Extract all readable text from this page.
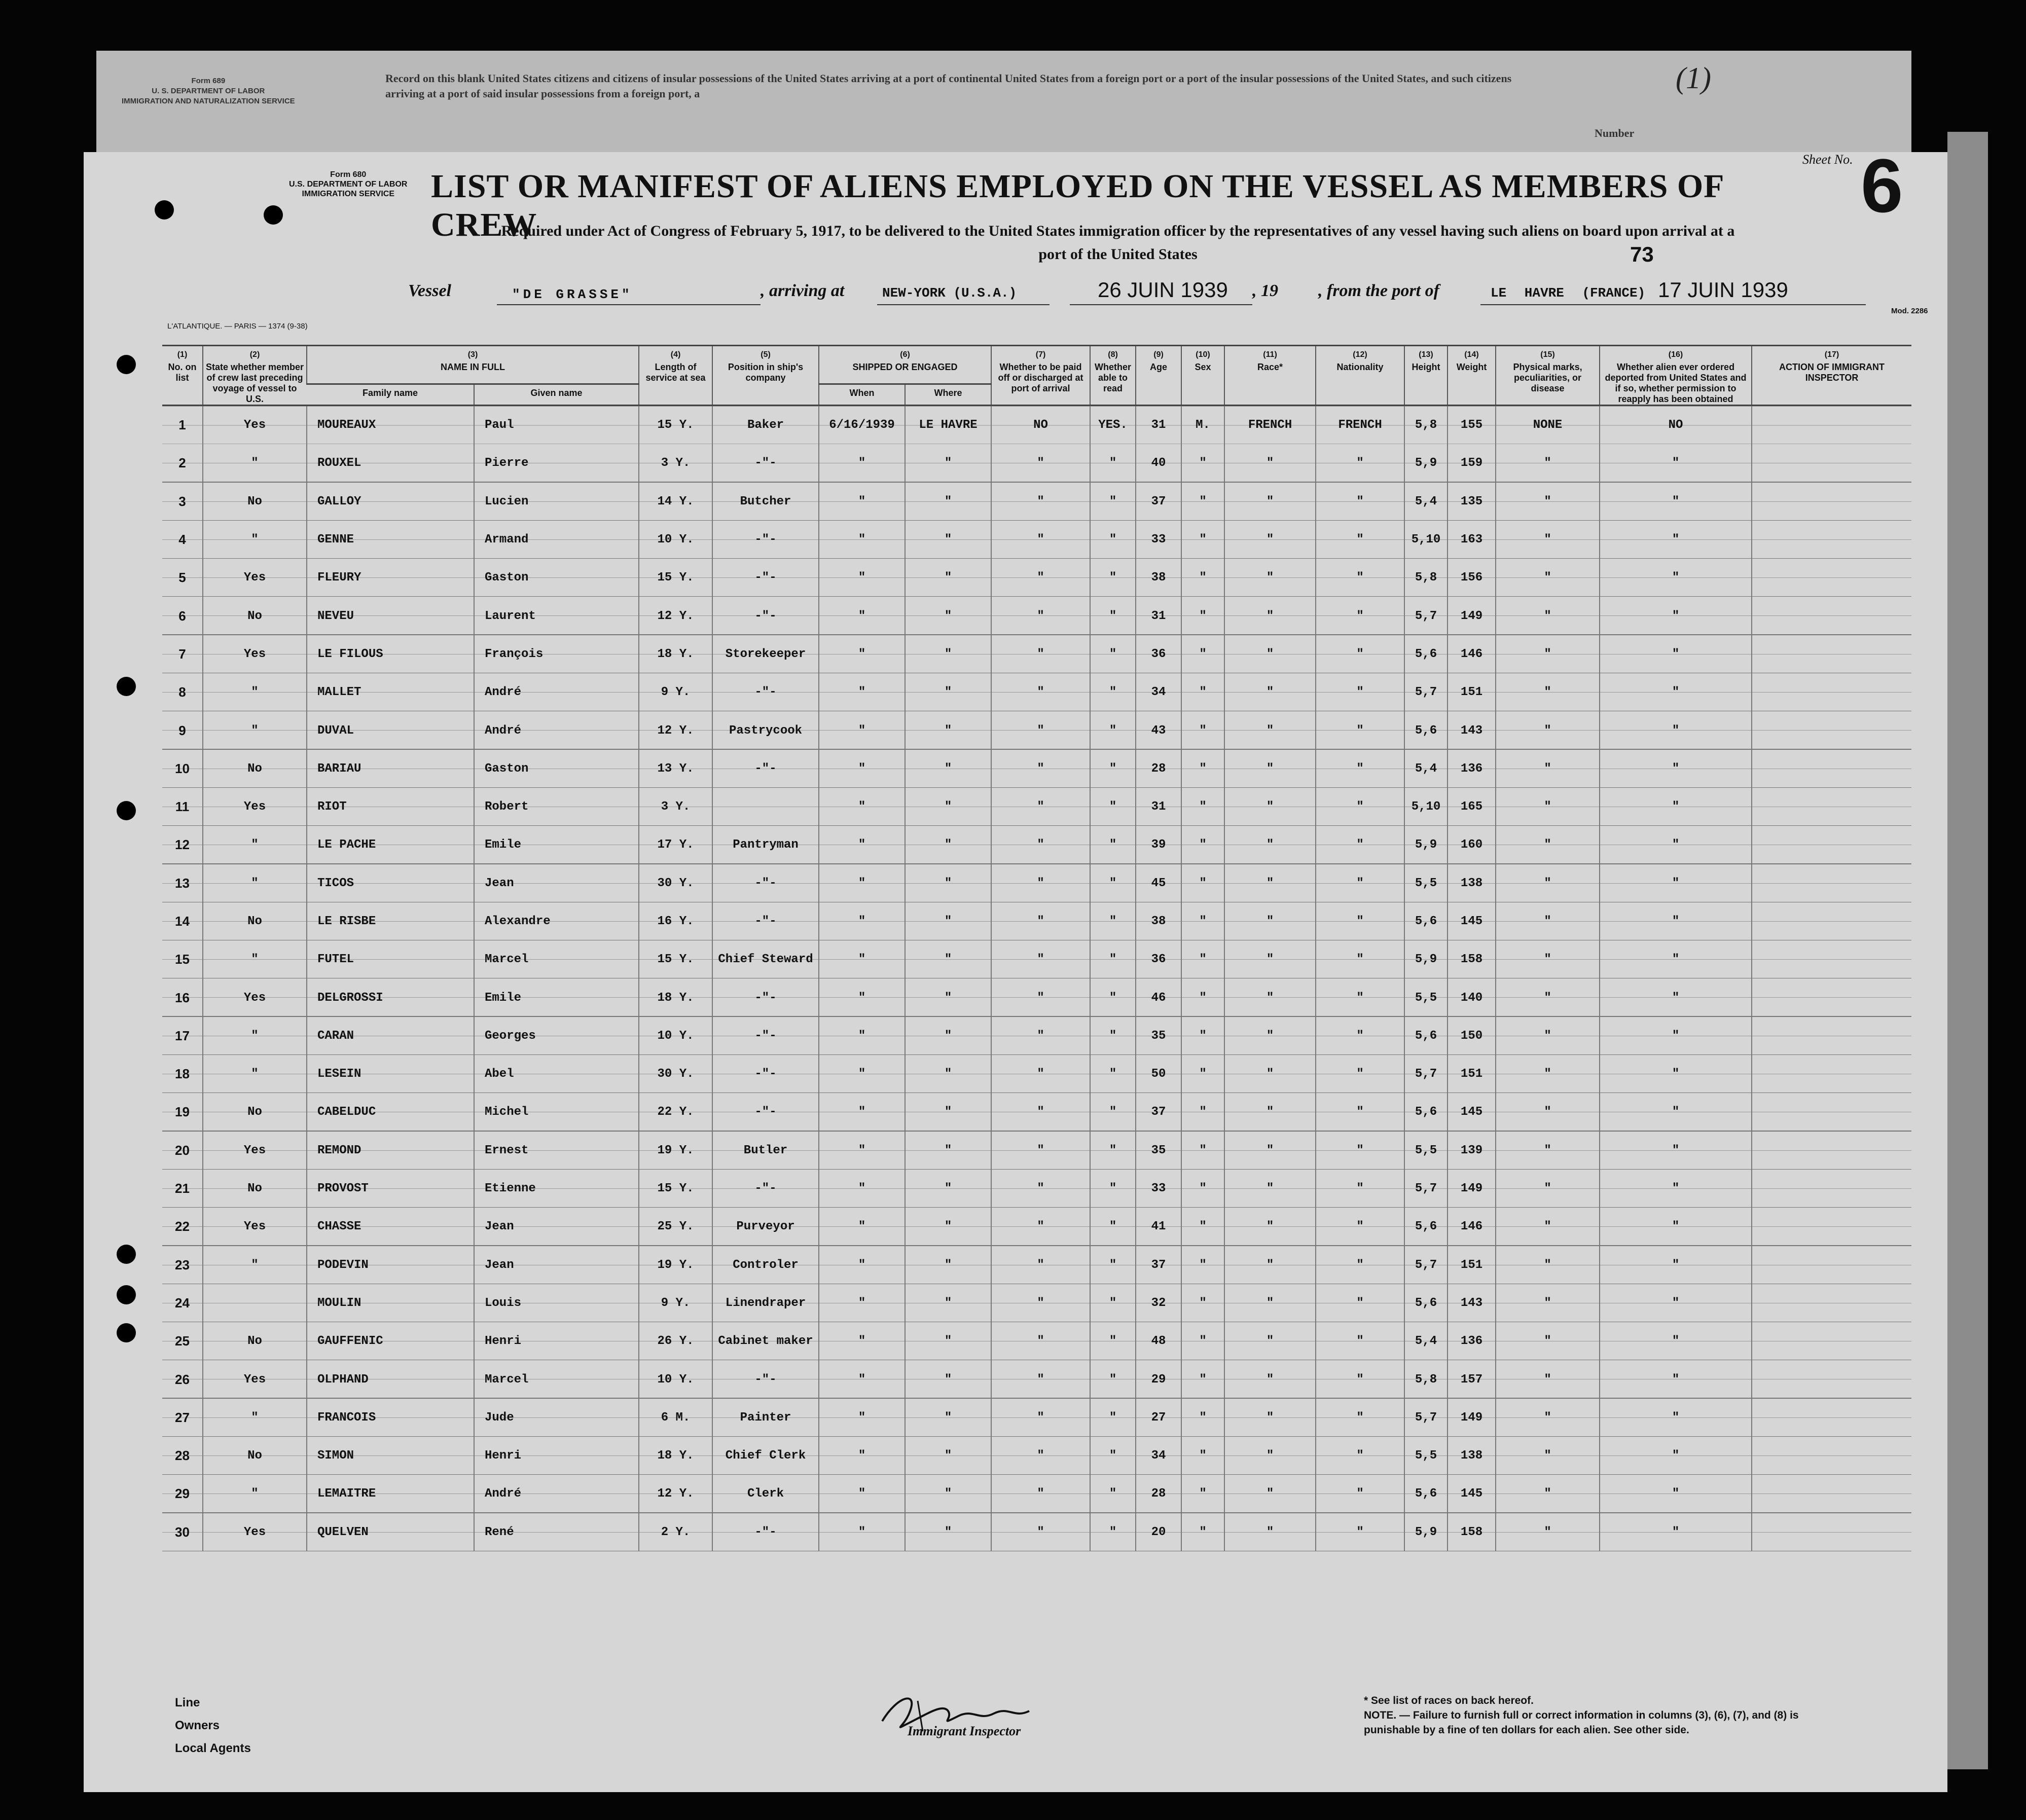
Form 689
U. S. DEPARTMENT OF LABOR
IMMIGRATION AND NATURALIZATION SERVICE
Record on this blank United States citizens and citizens of insular possessions of the United States arriving at a port of continental United States from a foreign port or a port of the insular possessions of the United States, and such citizens arriving at a port of said insular possessions from a foreign port, a
Number
(1)
Form 680
U.S. DEPARTMENT OF LABOR
IMMIGRATION SERVICE	LIST OR MANIFEST OF ALIENS EMPLOYED ON THE VESSEL AS MEMBERS OF CREW
Sheet No. 6
Required under Act of Congress of February 5, 1917, to be delivered to the United States immigration officer by the representatives of any vessel having such aliens on board upon arrival at a
port of the United States	73
Vessel	"DE GRASSE"	, arriving at	NEW-YORK (U.S.A.)	26 JUIN 1939 , 19 , from the port of	LE HAVRE (FRANCE) 17 JUIN 1939
L'ATLANTIQUE. — PARIS — 1374 (9-38)
Mod. 2286
(1)
No. on list	(2)
State whether member of crew last preceding voyage of vessel to U.S.	(3)
NAME IN FULL		(4)
Length of service at sea	(5)
Position in ship's company	(6)
SHIPPED OR ENGAGED		(7)
Whether to be paid off or discharged at port of arrival	(8)
Whether able to read	(9)
Age	(10)
Sex	(11)
Race*	(12)
Nationality	(13)
Height	(14)
Weight	(15)
Physical marks, peculiarities, or disease	(16)
Whether alien ever ordered deported from United States and if so, whether permission to reapply has been obtained	(17)
ACTION OF IMMIGRANT INSPECTOR
		Family name	Given name			When	Where											
1	Yes	MOUREAUX	Paul	15 Y.	Baker	6/16/1939	LE HAVRE	NO	YES.	31	M.	FRENCH	FRENCH	5,8	155	NONE	NO	
2	"	ROUXEL	Pierre	3 Y.	-"-	"	"	"	"	40	"	"	"	5,9	159	"	"	
3	No	GALLOY	Lucien	14 Y.	Butcher	"	"	"	"	37	"	"	"	5,4	135	"	"	
4	"	GENNE	Armand	10 Y.	-"-	"	"	"	"	33	"	"	"	5,10	163	"	"	
5	Yes	FLEURY	Gaston	15 Y.	-"-	"	"	"	"	38	"	"	"	5,8	156	"	"	
6	No	NEVEU	Laurent	12 Y.	-"-	"	"	"	"	31	"	"	"	5,7	149	"	"	
7	Yes	LE FILOUS	François	18 Y.	Storekeeper	"	"	"	"	36	"	"	"	5,6	146	"	"	
8	"	MALLET	André	9 Y.	-"-	"	"	"	"	34	"	"	"	5,7	151	"	"	
9	"	DUVAL	André	12 Y.	Pastrycook	"	"	"	"	43	"	"	"	5,6	143	"	"	
10	No	BARIAU	Gaston	13 Y.	-"-	"	"	"	"	28	"	"	"	5,4	136	"	"	
11	Yes	RIOT	Robert	3 Y.		"	"	"	"	31	"	"	"	5,10	165	"	"	
12	"	LE PACHE	Emile	17 Y.	Pantryman	"	"	"	"	39	"	"	"	5,9	160	"	"	
13	"	TICOS	Jean	30 Y.	-"-	"	"	"	"	45	"	"	"	5,5	138	"	"	
14	No	LE RISBE	Alexandre	16 Y.	-"-	"	"	"	"	38	"	"	"	5,6	145	"	"	
15	"	FUTEL	Marcel	15 Y.	Chief Steward	"	"	"	"	36	"	"	"	5,9	158	"	"	
16	Yes	DELGROSSI	Emile	18 Y.	-"-	"	"	"	"	46	"	"	"	5,5	140	"	"	
17	"	CARAN	Georges	10 Y.	-"-	"	"	"	"	35	"	"	"	5,6	150	"	"	
18	"	LESEIN	Abel	30 Y.	-"-	"	"	"	"	50	"	"	"	5,7	151	"	"	
19	No	CABELDUC	Michel	22 Y.	-"-	"	"	"	"	37	"	"	"	5,6	145	"	"	
20	Yes	REMOND	Ernest	19 Y.	Butler	"	"	"	"	35	"	"	"	5,5	139	"	"	
21	No	PROVOST	Etienne	15 Y.	-"-	"	"	"	"	33	"	"	"	5,7	149	"	"	
22	Yes	CHASSE	Jean	25 Y.	Purveyor	"	"	"	"	41	"	"	"	5,6	146	"	"	
23	"	PODEVIN	Jean	19 Y.	Controler	"	"	"	"	37	"	"	"	5,7	151	"	"	
24		MOULIN	Louis	9 Y.	Linendraper	"	"	"	"	32	"	"	"	5,6	143	"	"	
25	No	GAUFFENIC	Henri	26 Y.	Cabinet maker	"	"	"	"	48	"	"	"	5,4	136	"	"	
26	Yes	OLPHAND	Marcel	10 Y.	-"-	"	"	"	"	29	"	"	"	5,8	157	"	"	
27	"	FRANCOIS	Jude	6 M.	Painter	"	"	"	"	27	"	"	"	5,7	149	"	"	
28	No	SIMON	Henri	18 Y.	Chief Clerk	"	"	"	"	34	"	"	"	5,5	138	"	"	
29	"	LEMAITRE	André	12 Y.	Clerk	"	"	"	"	28	"	"	"	5,6	145	"	"	
30	Yes	QUELVEN	René	2 Y.	-"-	"	"	"	"	20	"	"	"	5,9	158	"	"	
Line
Owners
Local Agents
Immigrant Inspector
* See list of races on back hereof.
NOTE. — Failure to furnish full or correct information in columns (3), (6), (7), and (8) is punishable by a fine of ten dollars for each alien. See other side.
